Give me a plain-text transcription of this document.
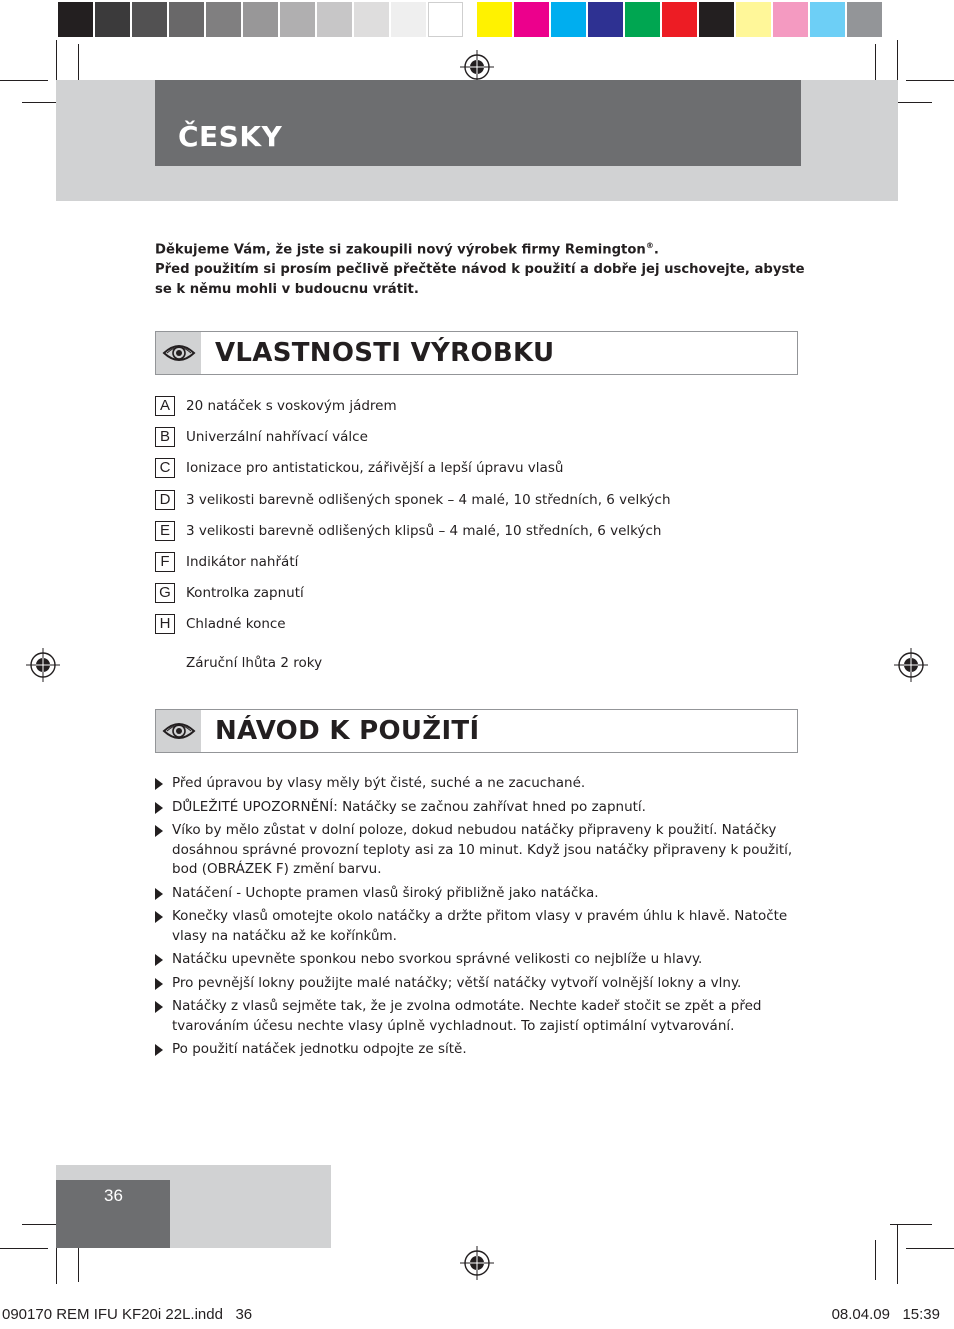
ČESKY

Děkujeme Vám, že jste si zakoupili nový výrobek firmy Remington®.

Před použitím si prosím pečlivě přečtěte návod k použití a dobře jej uschovejte, abyste se k němu mohli v budoucnu vrátit.

VLASTNOSTI VÝROBKU
A	20 natáček s voskovým jádrem
B	Univerzální nahřívací válce
C	Ionizace pro antistatickou, zářivější a lepší úpravu vlasů
D	3 velikosti barevně odlišených sponek – 4 malé, 10 středních, 6 velkých
E	3 velikosti barevně odlišených klipsů – 4 malé, 10 středních, 6 velkých
F	Indikátor nahřátí
G	Kontrolka zapnutí
H	Chladné konce
Záruční lhůta 2 roky
NÁVOD K POUŽITÍ
Před úpravou by vlasy měly být čisté, suché a ne zacuchané.
DŮLEŽITÉ UPOZORNĚNÍ: Natáčky se začnou zahřívat hned po zapnutí.
Víko by mělo zůstat v dolní poloze, dokud nebudou natáčky připraveny k použití. Natáčky dosáhnou správné provozní teploty asi za 10 minut. Když jsou natáčky připraveny k použití, bod (OBRÁZEK F) změní barvu.
Natáčení - Uchopte pramen vlasů široký přibližně jako natáčka.
Konečky vlasů omotejte okolo natáčky a držte přitom vlasy v pravém úhlu k hlavě. Natočte vlasy na natáčku až ke kořínkům.
Natáčku upevněte sponkou nebo svorkou správné velikosti co nejblíže u hlavy.
Pro pevnější lokny použijte malé natáčky; větší natáčky vytvoří volnější lokny a vlny.
Natáčky z vlasů sejměte tak, že je zvolna odmotáte. Nechte kadeř stočit se zpět a před tvarováním účesu nechte vlasy úplně vychladnout. To zajistí optimální vytvarování.
Po použití natáček jednotku odpojte ze sítě.
36
090170 REM IFU KF20i 22L.indd   36	08.04.09   15:39
